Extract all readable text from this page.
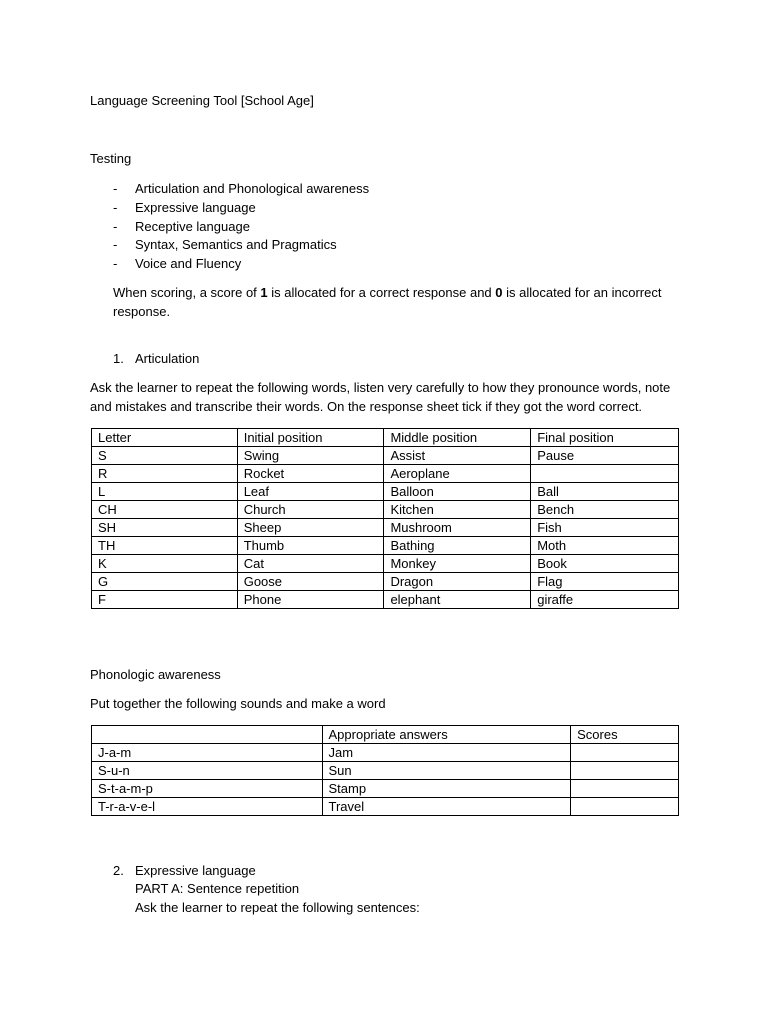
Language Screening Tool [School Age]
Testing
- Articulation and Phonological awareness
- Expressive language
- Receptive language
- Syntax, Semantics and Pragmatics
- Voice and Fluency
When scoring, a score of 1 is allocated for a correct response and 0 is allocated for an incorrect
response.
1. Articulation
Ask the learner to repeat the following words, listen very carefully to how they pronounce words, note
and mistakes and transcribe their words. On the response sheet tick if they got the word correct.
Letter	Initial position	Middle position	Final position
S	Swing	Assist	Pause
R	Rocket	Aeroplane	
L	Leaf	Balloon	Ball
CH	Church	Kitchen	Bench
SH	Sheep	Mushroom	Fish
TH	Thumb	Bathing	Moth
K	Cat	Monkey	Book
G	Goose	Dragon	Flag
F	Phone	elephant	giraffe
Phonologic awareness
Put together the following sounds and make a word
	Appropriate answers	Scores
J-a-m	Jam	
S-u-n	Sun	
S-t-a-m-p	Stamp	
T-r-a-v-e-l	Travel	
2. Expressive language
PART A: Sentence repetition
Ask the learner to repeat the following sentences:
